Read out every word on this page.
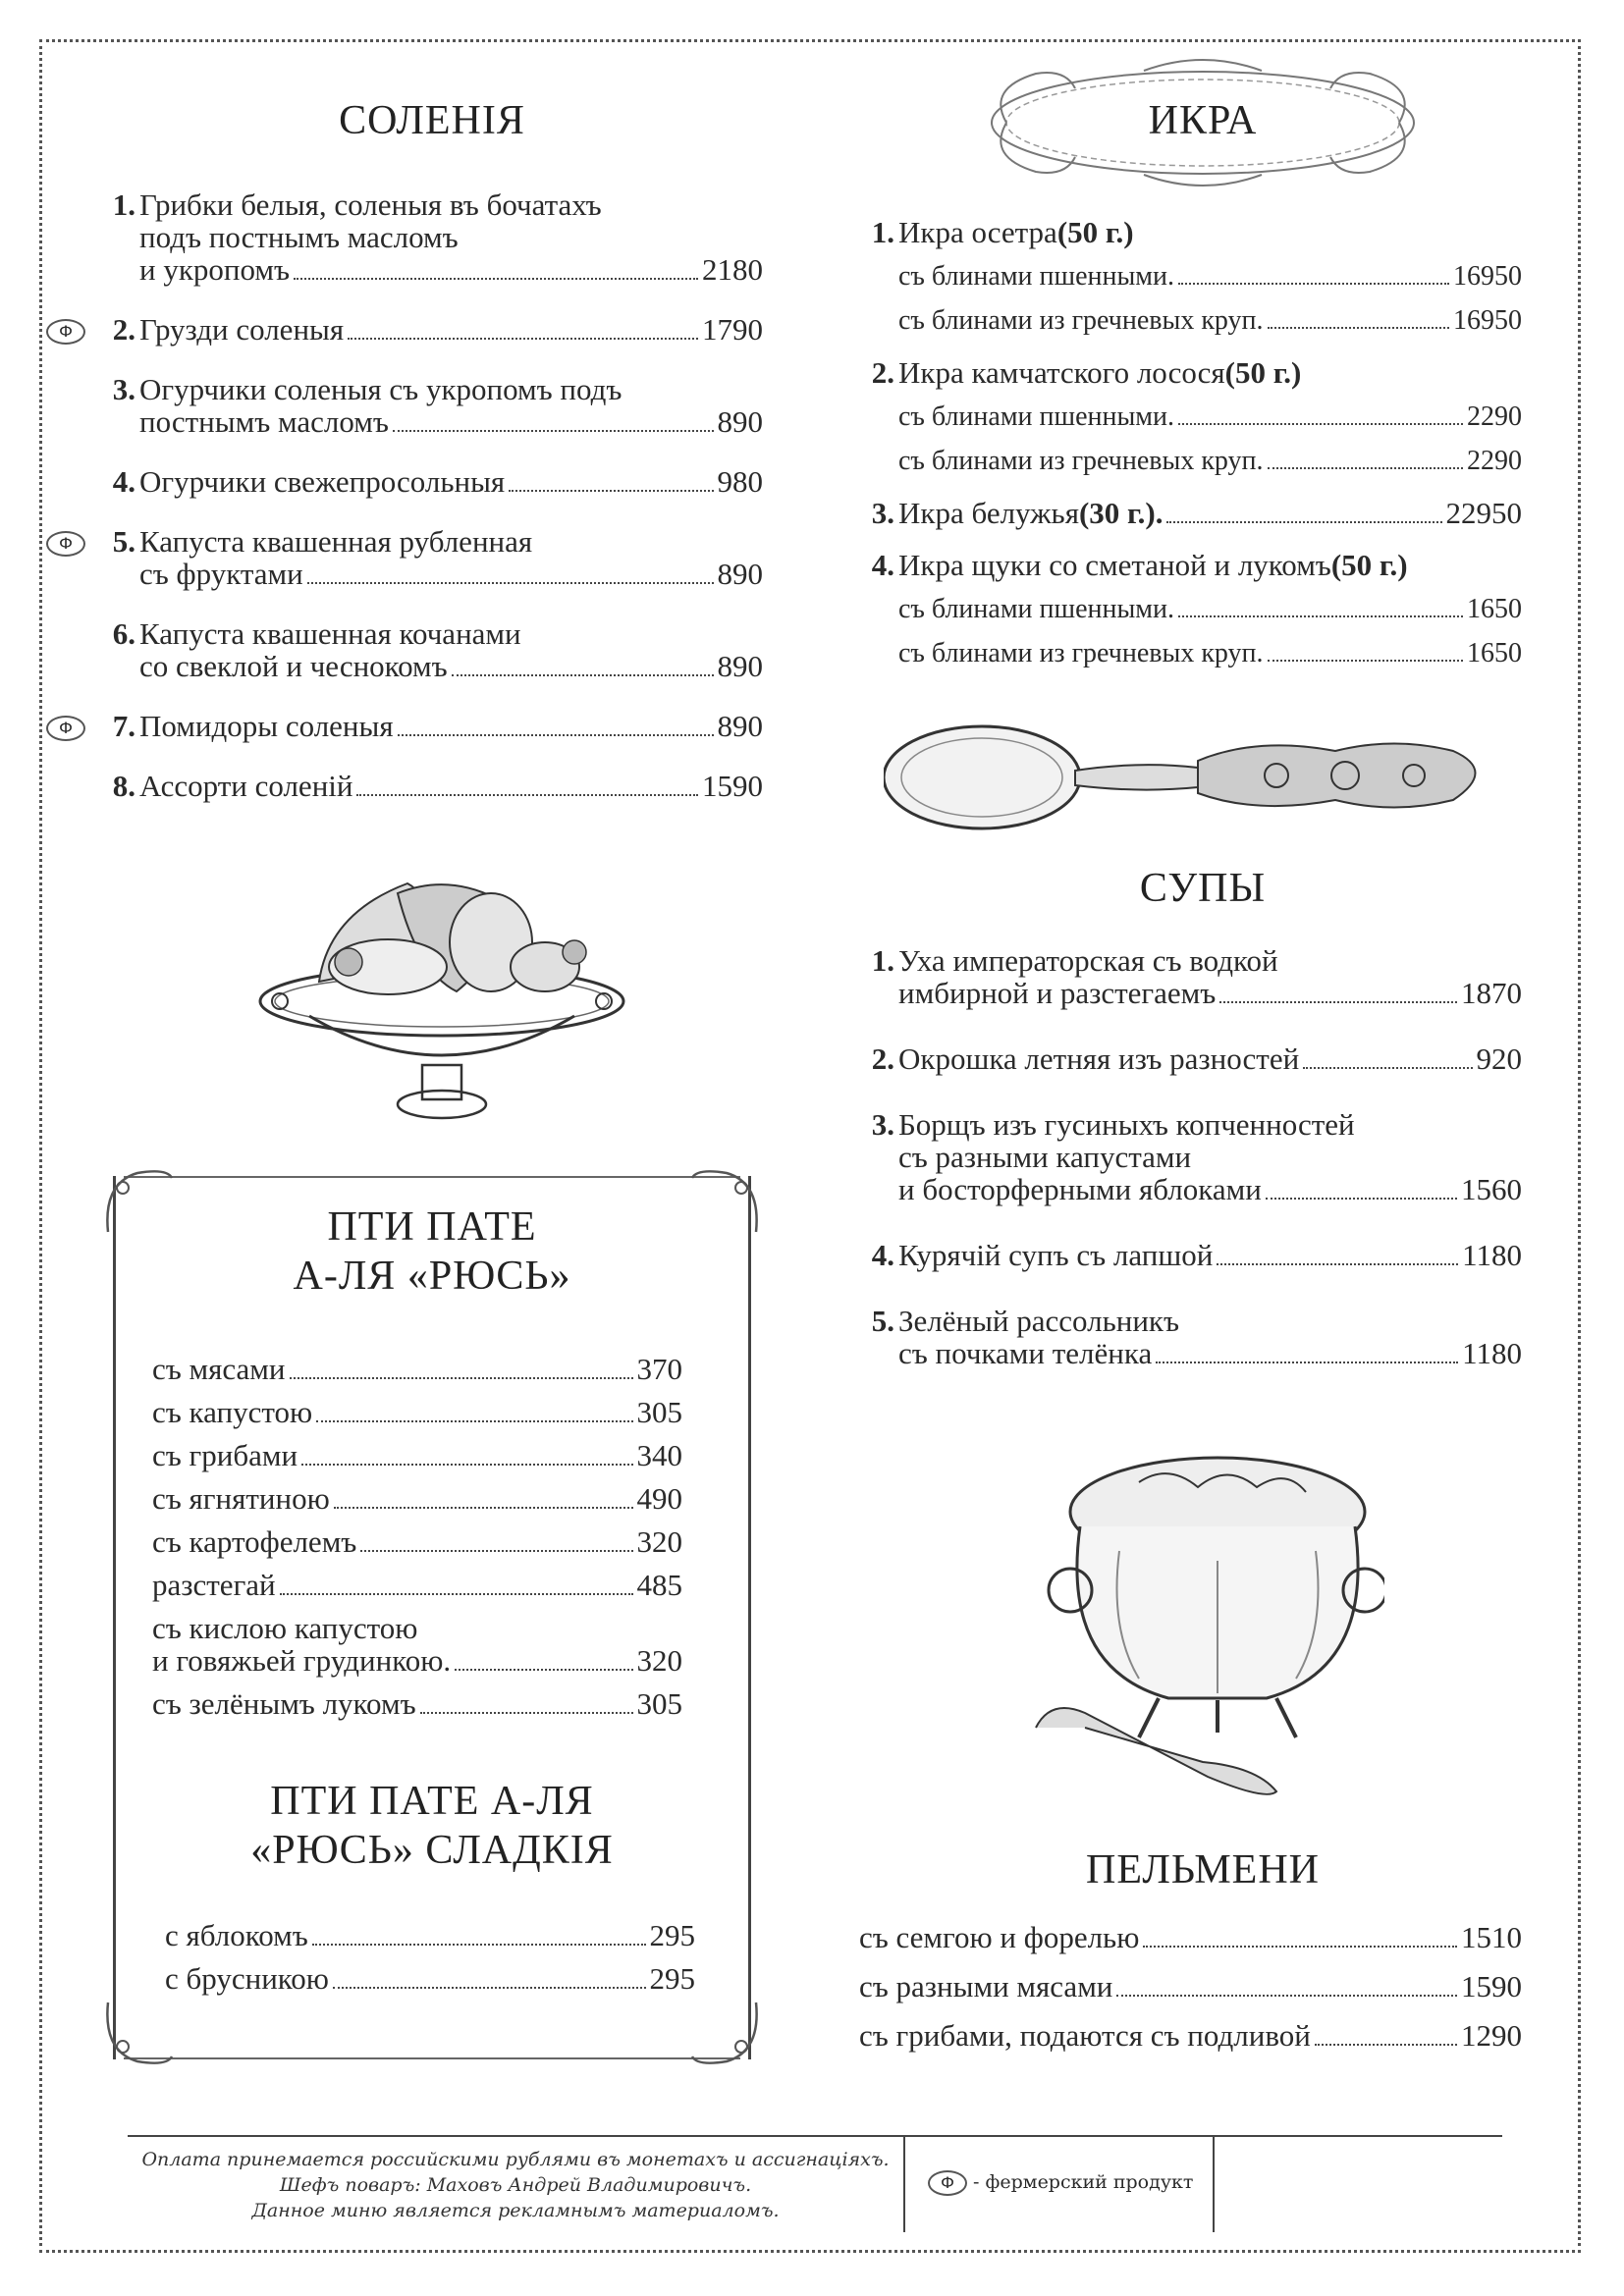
СОЛЕНІЯ
1. Грибки белыя, соленыя въ бочатахъ
подъ постнымъ масломъ
и укропомъ	2180
2. Грузди соленыя	1790
Ф
3. Огурчики соленыя съ укропомъ подъ
постнымъ масломъ	890
4. Огурчики свежепросольныя	980
5. Капуста квашенная рубленная
съ фруктами	890
Ф
6. Капуста квашенная кочанами
со свеклой и чеснокомъ	890
7. Помидоры соленыя	890
Ф
8. Ассорти соленій	1590
ИКРА
1. Икра осетра (50 г.)
съ блинами пшенными.	16950
съ блинами из гречневых круп.	16950
2. Икра камчатского лосося (50 г.)
съ блинами пшенными.	2290
съ блинами из гречневых круп.	2290
3. Икра белужья (30 г.).	22950
4. Икра щуки со сметаной и лукомъ (50 г.)
съ блинами пшенными.	1650
съ блинами из гречневых круп.	1650
СУПЫ
1. Уха императорская съ водкой
имбирной и разстегаемъ	1870
2. Окрошка летняя изъ разностей	920
3. Борщъ изъ гусиныхъ копченностей
съ разными капустами
и босторферными яблоками	1560
4. Курячій супъ съ лапшой	1180
5. Зелёный рассольникъ
съ почками телёнка	1180
ПЕЛЬМЕНИ
съ семгою и форелью	1510
съ разными мясами	1590
съ грибами, подаются съ подливой	1290
ПТИ ПАТЕ
А-ЛЯ «РЮСЬ»
съ мясами	370
съ капустою	305
съ грибами	340
съ ягнятиною	490
съ картофелемъ	320
разстегай	485
съ кислою капустою
и говяжьей грудинкою.	320
съ зелёнымъ лукомъ	305
ПТИ ПАТЕ А-ЛЯ
«РЮСЬ» СЛАДКІЯ
с яблокомъ	295
с брусникою	295
Оплата принемается российскими рублями въ монетахъ и ассигнаціяхъ.
Шефъ поваръ: Маховъ Андрей Владимировичъ.
Данное миню является рекламнымъ материаломъ.
Ф - фермерский продукт
